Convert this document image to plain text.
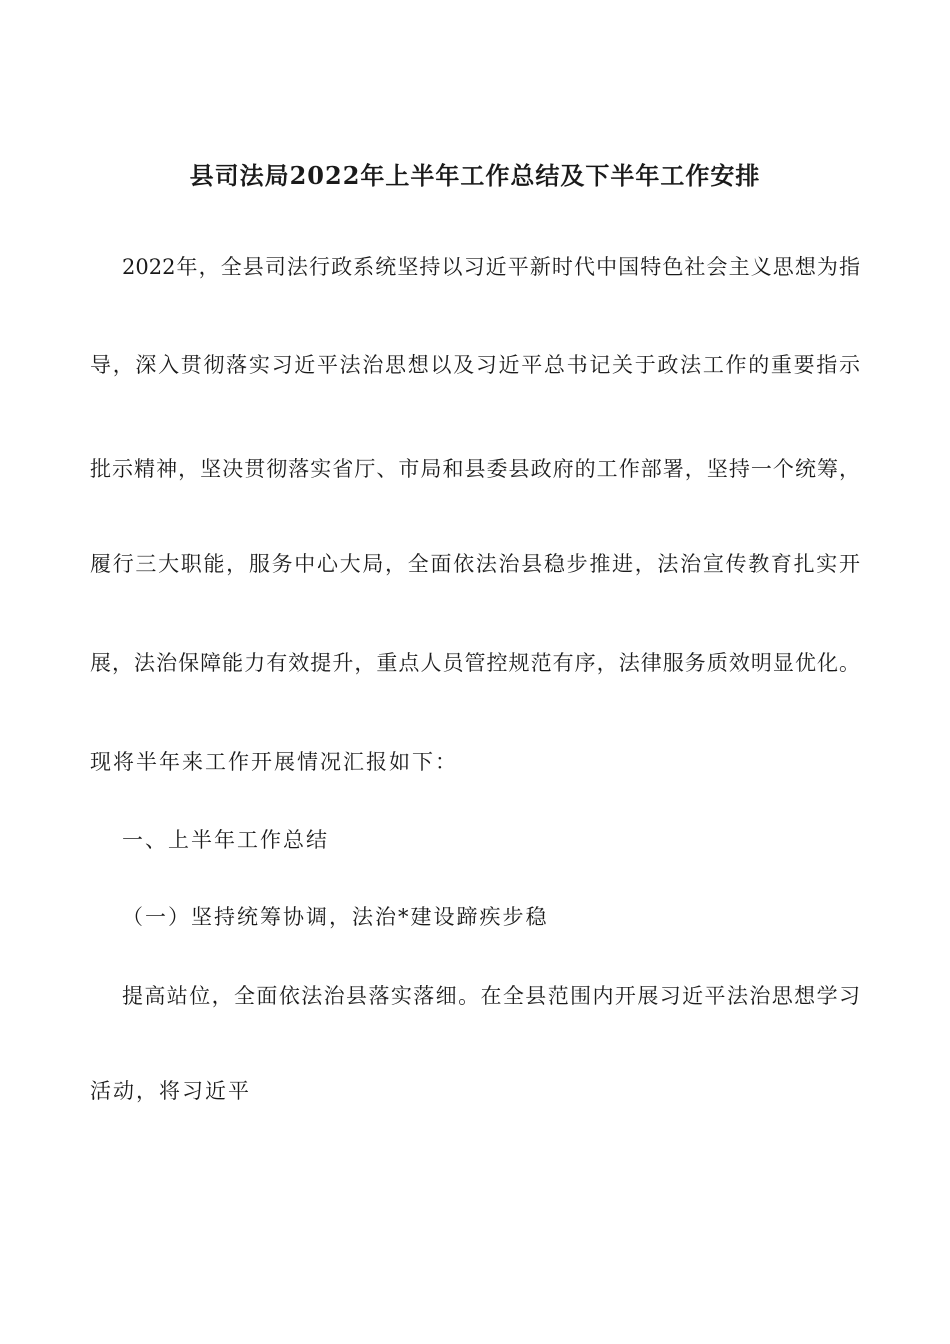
县司法局2022年上半年工作总结及下半年工作安排
2022年，全县司法行政系统坚持以习近平新时代中国特色社会主义思想为指
导，深入贯彻落实习近平法治思想以及习近平总书记关于政法工作的重要指示
批示精神，坚决贯彻落实省厅、市局和县委县政府的工作部署，坚持一个统筹，
履行三大职能，服务中心大局，全面依法治县稳步推进，法治宣传教育扎实开
展，法治保障能力有效提升，重点人员管控规范有序，法律服务质效明显优化。
现将半年来工作开展情况汇报如下：
一、上半年工作总结
（一）坚持统筹协调，法治*建设蹄疾步稳
提高站位，全面依法治县落实落细。在全县范围内开展习近平法治思想学习
活动，将习近平
